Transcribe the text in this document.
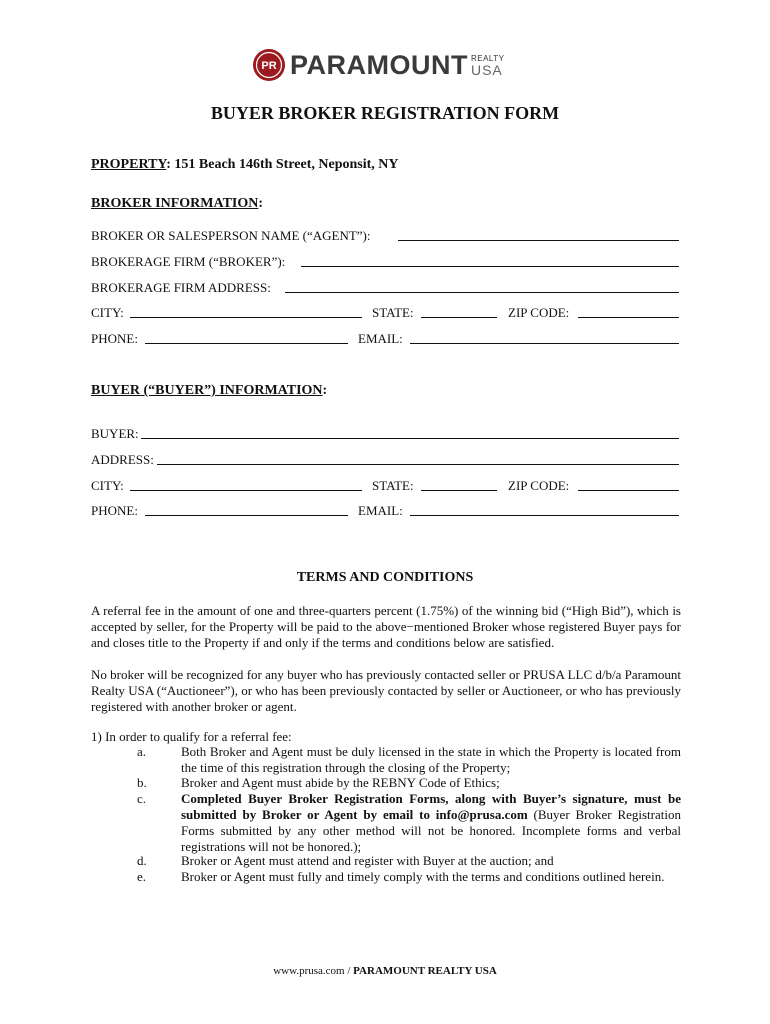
PR PARAMOUNT REALTY
USA
BUYER BROKER REGISTRATION FORM
PROPERTY: 151 Beach 146th Street, Neponsit, NY
BROKER INFORMATION:
BROKER OR SALESPERSON NAME (“AGENT”):
BROKERAGE FIRM (“BROKER”):
BROKERAGE FIRM ADDRESS:
CITY:	STATE:	ZIP CODE:
PHONE:	EMAIL:
BUYER (“BUYER”) INFORMATION:
BUYER:
ADDRESS:
CITY:	STATE:	ZIP CODE:
PHONE:	EMAIL:
TERMS AND CONDITIONS
A referral fee in the amount of one and three-quarters percent (1.75%) of the winning bid (“High Bid”), which is accepted by seller, for the Property will be paid to the above−mentioned Broker whose registered Buyer pays for and closes title to the Property if and only if the terms and conditions below are satisfied.
No broker will be recognized for any buyer who has previously contacted seller or PRUSA LLC d/b/a Paramount Realty USA (“Auctioneer”), or who has been previously contacted by seller or Auctioneer, or who has previously registered with another broker or agent.
1) In order to qualify for a referral fee:
a.	Both Broker and Agent must be duly licensed in the state in which the Property is located from the time of this registration through the closing of the Property;
b.	Broker and Agent must abide by the REBNY Code of Ethics;
c.	Completed Buyer Broker Registration Forms, along with Buyer’s signature, must be submitted by Broker or Agent by email to info@prusa.com (Buyer Broker Registration Forms submitted by any other method will not be honored. Incomplete forms and verbal registrations will not be honored.);
d.	Broker or Agent must attend and register with Buyer at the auction; and
e.	Broker or Agent must fully and timely comply with the terms and conditions outlined herein.
www.prusa.com / PARAMOUNT REALTY USA
